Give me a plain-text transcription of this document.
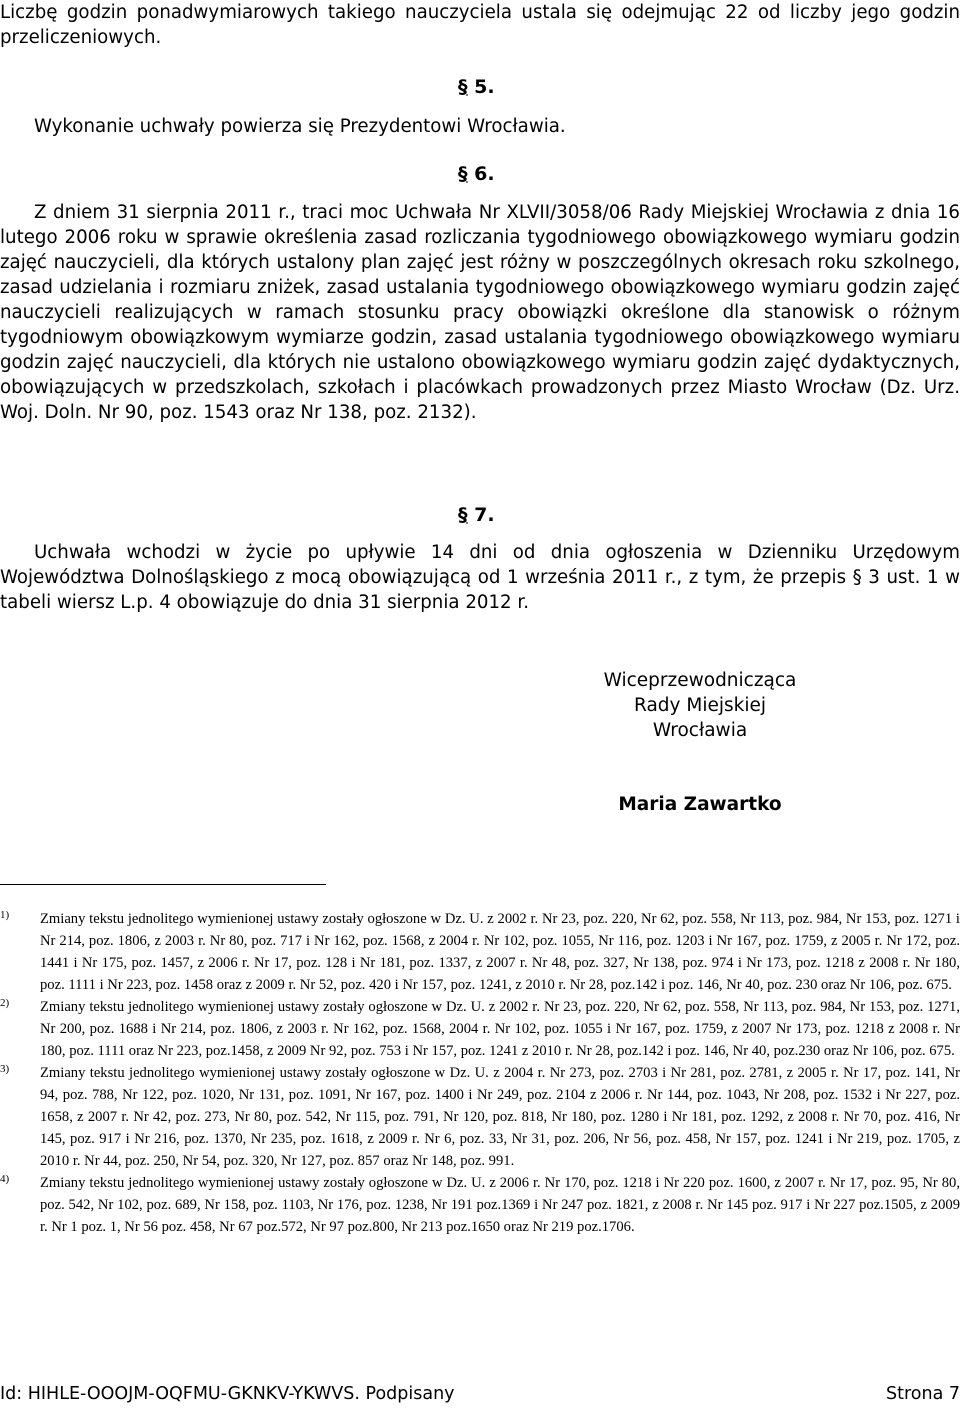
Liczbę godzin ponadwymiarowych takiego nauczyciela ustala się odejmując 22 od liczby jego godzin przeliczeniowych.

§ 5.

Wykonanie uchwały powierza się Prezydentowi Wrocławia.

§ 6.

Z dniem 31 sierpnia 2011 r., traci moc Uchwała Nr XLVII/3058/06 Rady Miejskiej Wrocławia z dnia 16 lutego 2006 roku w sprawie określenia zasad rozliczania tygodniowego obowiązkowego wymiaru godzin zajęć nauczycieli, dla których ustalony plan zajęć jest różny w poszczególnych okresach roku szkolnego, zasad udzielania i rozmiaru zniżek, zasad ustalania tygodniowego obowiązkowego wymiaru godzin zajęć nauczycieli realizujących w ramach stosunku pracy obowiązki określone dla stanowisk o różnym tygodniowym obowiązkowym wymiarze godzin, zasad ustalania tygodniowego obowiązkowego wymiaru godzin zajęć nauczycieli, dla których nie ustalono obowiązkowego wymiaru godzin zajęć dydaktycznych, obowiązujących w przedszkolach, szkołach i placówkach prowadzonych przez Miasto Wrocław (Dz. Urz. Woj. Doln. Nr 90, poz. 1543 oraz Nr 138, poz. 2132).

§ 7.

Uchwała wchodzi w życie po upływie 14 dni od dnia ogłoszenia w Dzienniku Urzędowym Województwa Dolnośląskiego z mocą obowiązującą od 1 września 2011 r., z tym, że przepis § 3 ust. 1 w tabeli wiersz L.p. 4 obowiązuje do dnia 31 sierpnia 2012 r.

Wiceprzewodnicząca
Rady Miejskiej
Wrocławia
Maria Zawartko

1) Zmiany tekstu jednolitego wymienionej ustawy zostały ogłoszone w Dz. U. z 2002 r. Nr 23, poz. 220, Nr 62, poz. 558, Nr 113, poz. 984, Nr 153, poz. 1271 i Nr 214, poz. 1806, z 2003 r. Nr 80, poz. 717 i Nr 162, poz. 1568, z 2004 r. Nr 102, poz. 1055, Nr 116, poz. 1203 i Nr 167, poz. 1759, z 2005 r. Nr 172, poz. 1441 i Nr 175, poz. 1457, z 2006 r. Nr 17, poz. 128 i Nr 181, poz. 1337, z 2007 r. Nr 48, poz. 327, Nr 138, poz. 974 i Nr 173, poz. 1218 z 2008 r. Nr 180, poz. 1111 i Nr 223, poz. 1458 oraz z 2009 r. Nr 52, poz. 420 i Nr 157, poz. 1241, z 2010 r. Nr 28, poz.142 i poz. 146, Nr 40, poz. 230 oraz Nr 106, poz. 675.

2) Zmiany tekstu jednolitego wymienionej ustawy zostały ogłoszone w Dz. U. z 2002 r. Nr 23, poz. 220, Nr 62, poz. 558, Nr 113, poz. 984, Nr 153, poz. 1271, Nr 200, poz. 1688 i Nr 214, poz. 1806, z 2003 r. Nr 162, poz. 1568, 2004 r. Nr 102, poz. 1055 i Nr 167, poz. 1759, z 2007 Nr 173, poz. 1218 z 2008 r. Nr 180, poz. 1111 oraz Nr 223, poz.1458, z 2009 Nr 92, poz. 753 i Nr 157, poz. 1241 z 2010 r. Nr 28, poz.142 i poz. 146, Nr 40, poz.230 oraz Nr 106, poz. 675.

3) Zmiany tekstu jednolitego wymienionej ustawy zostały ogłoszone w Dz. U. z 2004 r. Nr 273, poz. 2703 i Nr 281, poz. 2781, z 2005 r. Nr 17, poz. 141, Nr 94, poz. 788, Nr 122, poz. 1020, Nr 131, poz. 1091, Nr 167, poz. 1400 i Nr 249, poz. 2104 z 2006 r. Nr 144, poz. 1043, Nr 208, poz. 1532 i Nr 227, poz. 1658, z 2007 r. Nr 42, poz. 273, Nr 80, poz. 542, Nr 115, poz. 791, Nr 120, poz. 818, Nr 180, poz. 1280 i Nr 181, poz. 1292, z 2008 r. Nr 70, poz. 416, Nr 145, poz. 917 i Nr 216, poz. 1370, Nr 235, poz. 1618, z 2009 r. Nr 6, poz. 33, Nr 31, poz. 206, Nr 56, poz. 458, Nr 157, poz. 1241 i Nr 219, poz. 1705, z 2010 r. Nr 44, poz. 250, Nr 54, poz. 320, Nr 127, poz. 857 oraz Nr 148, poz. 991.

4) Zmiany tekstu jednolitego wymienionej ustawy zostały ogłoszone w Dz. U. z 2006 r. Nr 170, poz. 1218 i Nr 220 poz. 1600, z 2007 r. Nr 17, poz. 95, Nr 80, poz. 542, Nr 102, poz. 689, Nr 158, poz. 1103, Nr 176, poz. 1238, Nr 191 poz.1369 i Nr 247 poz. 1821, z 2008 r. Nr 145 poz. 917 i Nr 227 poz.1505, z 2009 r. Nr 1 poz. 1, Nr 56 poz. 458, Nr 67 poz.572, Nr 97 poz.800, Nr 213 poz.1650 oraz Nr 219 poz.1706.

Id: HIHLE-OOOJM-OQFMU-GKNKV-YKWVS. Podpisany	Strona 7
